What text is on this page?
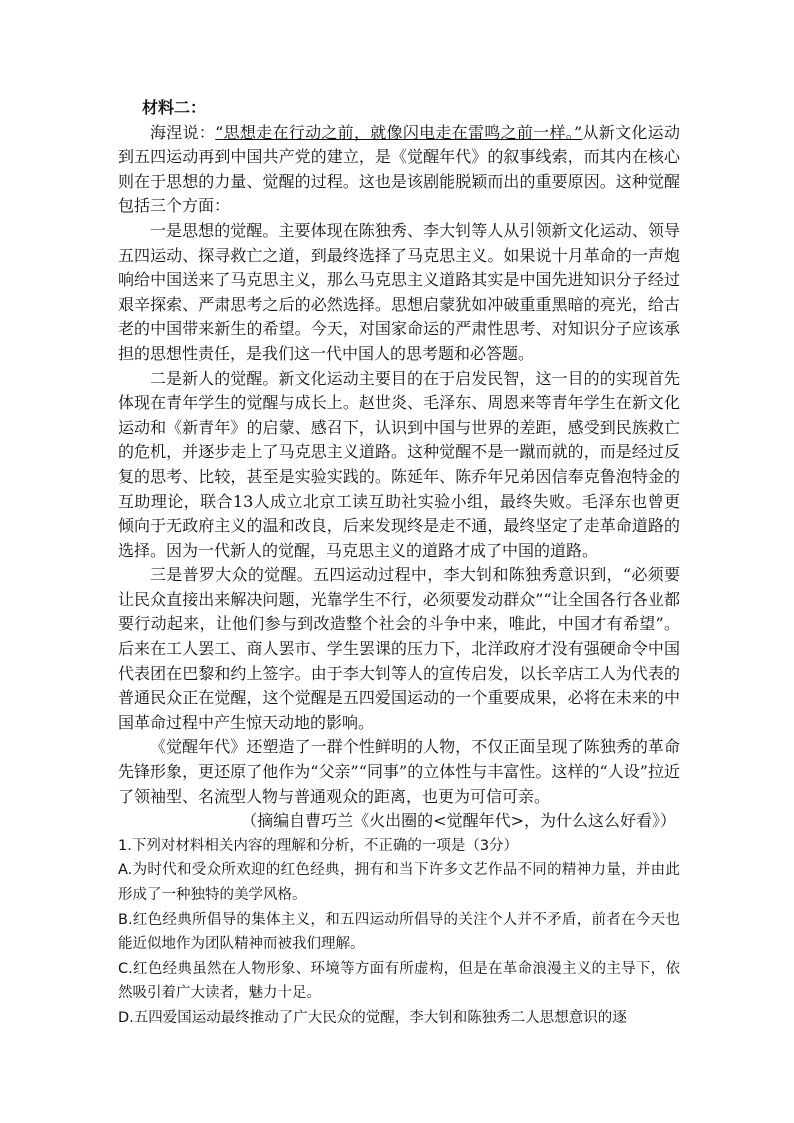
材料二：

海涅说：“思想走在行动之前，就像闪电走在雷鸣之前一样。”从新文化运动到五四运动再到中国共产党的建立，是《觉醒年代》的叙事线索，而其内在核心则在于思想的力量、觉醒的过程。这也是该剧能脱颖而出的重要原因。这种觉醒包括三个方面：

一是思想的觉醒。主要体现在陈独秀、李大钊等人从引领新文化运动、领导五四运动、探寻救亡之道，到最终选择了马克思主义。如果说十月革命的一声炮响给中国送来了马克思主义，那么马克思主义道路其实是中国先进知识分子经过艰辛探索、严肃思考之后的必然选择。思想启蒙犹如冲破重重黑暗的亮光，给古老的中国带来新生的希望。今天，对国家命运的严肃性思考、对知识分子应该承担的思想性责任，是我们这一代中国人的思考题和必答题。

二是新人的觉醒。新文化运动主要目的在于启发民智，这一目的的实现首先体现在青年学生的觉醒与成长上。赵世炎、毛泽东、周恩来等青年学生在新文化运动和《新青年》的启蒙、感召下，认识到中国与世界的差距，感受到民族救亡的危机，并逐步走上了马克思主义道路。这种觉醒不是一蹴而就的，而是经过反复的思考、比较，甚至是实验实践的。陈延年、陈乔年兄弟因信奉克鲁泡特金的互助理论，联合13人成立北京工读互助社实验小组，最终失败。毛泽东也曾更倾向于无政府主义的温和改良，后来发现终是走不通，最终坚定了走革命道路的选择。因为一代新人的觉醒，马克思主义的道路才成了中国的道路。

三是普罗大众的觉醒。五四运动过程中，李大钊和陈独秀意识到，“必须要让民众直接出来解决问题，光靠学生不行，必须要发动群众”“让全国各行各业都要行动起来，让他们参与到改造整个社会的斗争中来，唯此，中国才有希望”。后来在工人罢工、商人罢市、学生罢课的压力下，北洋政府才没有强硬命令中国代表团在巴黎和约上签字。由于李大钊等人的宣传启发，以长辛店工人为代表的普通民众正在觉醒，这个觉醒是五四爱国运动的一个重要成果，必将在未来的中国革命过程中产生惊天动地的影响。

《觉醒年代》还塑造了一群个性鲜明的人物，不仅正面呈现了陈独秀的革命先锋形象，更还原了他作为“父亲”“同事”的立体性与丰富性。这样的“人设”拉近了领袖型、名流型人物与普通观众的距离，也更为可信可亲。

（摘编自曹巧兰《火出圈的<觉醒年代>，为什么这么好看》）

1.下列对材料相关内容的理解和分析，不正确的一项是（3分）

A.为时代和受众所欢迎的红色经典，拥有和当下许多文艺作品不同的精神力量，并由此形成了一种独特的美学风格。

B.红色经典所倡导的集体主义，和五四运动所倡导的关注个人并不矛盾，前者在今天也能近似地作为团队精神而被我们理解。

C.红色经典虽然在人物形象、环境等方面有所虚构，但是在革命浪漫主义的主导下，依然吸引着广大读者，魅力十足。

D.五四爱国运动最终推动了广大民众的觉醒，李大钊和陈独秀二人思想意识的逐
